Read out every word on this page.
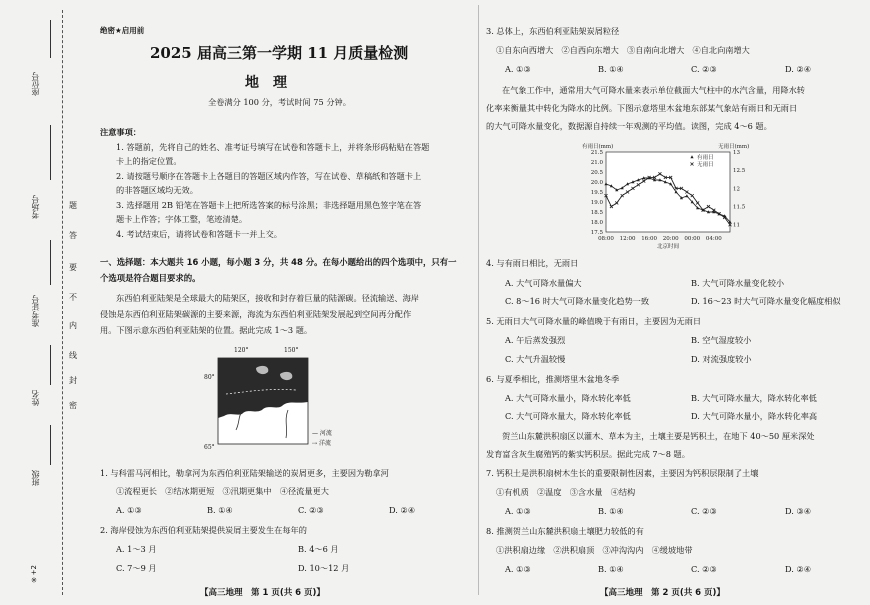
座位号
考场号
准考证号
姓名
班级
题
答
要
不
内
线
封
密
※+2
绝密★启用前
2025 届高三第一学期 11 月质量检测
地　理
全卷满分 100 分，考试时间 75 分钟。
注意事项：
1. 答题前，先将自己的姓名、准考证号填写在试卷和答题卡上，并将条形码粘贴在答题
卡上的指定位置。
2. 请按题号顺序在答题卡上各题目的答题区域内作答，写在试卷、草稿纸和答题卡上
的非答题区域均无效。
3. 选择题用 2B 铅笔在答题卡上把所选答案的标号涂黑；非选择题用黑色签字笔在答
题卡上作答；字体工整，笔迹清楚。
4. 考试结束后，请将试卷和答题卡一并上交。
一、选择题：本大题共 16 小题，每小题 3 分，共 48 分。在每小题给出的四个选项中，只有一
个选项是符合题目要求的。
东西伯利亚陆架是全球最大的陆架区，接收和封存着巨量的陆源碳。径流输送、海岸
侵蚀是东西伯利亚陆架碳源的主要来源，海流为东西伯利亚陆架发展起到空间再分配作
用。下图示意东西伯利亚陆架的位置。据此完成 1～3 题。
120°	150°
80°
65°
— 河流
⇢ 洋流
1. 与科雷马河相比，勒拿河为东西伯利亚陆架输送的炭屑更多，主要因为勒拿河
①流程更长　②结冰期更短　③汛期更集中　④径流量更大
A. ①③	B. ①④	C. ②③	D. ②④
2. 海岸侵蚀为东西伯利亚陆架提供炭屑主要发生在每年的
A. 1～3 月	B. 4～6 月
C. 7～9 月	D. 10～12 月
【高三地理　第 1 页(共 6 页)】
3. 总体上，东西伯利亚陆架炭屑粒径
①自东向西增大　②自西向东增大　③自南向北增大　④自北向南增大
A. ①③	B. ①④	C. ②③	D. ②④
在气象工作中，通常用大气可降水量来表示单位截面大气柱中的水汽含量，用降水转
化率来衡量其中转化为降水的比例。下图示意塔里木盆地东部某气象站有雨日和无雨日
的大气可降水量变化，数据源自持续一年观测的平均值。读图，完成 4～6 题。
有雨日(mm)	无雨日(mm)
21.5
21.0
20.5
20.0
19.5
19.0
18.5
18.0
17.5
13
12.5
12
11.5
11
08:00 12:00 16:00 20:00 00:00 04:00
北京时间
有雨日
无雨日
4. 与有雨日相比，无雨日
A. 大气可降水量偏大	B. 大气可降水量变化较小
C. 8～16 时大气可降水量变化趋势一致	D. 16～23 时大气可降水量变化幅度相似
5. 无雨日大气可降水量的峰值晚于有雨日，主要因为无雨日
A. 午后蒸发强烈	B. 空气湿度较小
C. 大气升温较慢	D. 对流强度较小
6. 与夏季相比，推测塔里木盆地冬季
A. 大气可降水量小，降水转化率低	B. 大气可降水量大，降水转化率低
C. 大气可降水量大，降水转化率低	D. 大气可降水量小，降水转化率高
贺兰山东麓洪积扇区以灌木、草本为主，土壤主要是钙积土，在地下 40～50 厘米深处
发育富含灰生腐殖钙的紫实钙积层。据此完成 7～8 题。
7. 钙积土是洪积扇树木生长的重要限制性因素，主要因为钙积层限制了土壤
①有机质　②温度　③含水量　④结构
A. ①③	B. ①④	C. ②③	D. ③④
8. 推测贺兰山东麓洪积扇土壤肥力较低的有
①洪积扇边缘　②洪积扇顶　③冲沟沟内　④缓坡地带
A. ①③	B. ①④	C. ②③	D. ②④
【高三地理　第 2 页(共 6 页)】
